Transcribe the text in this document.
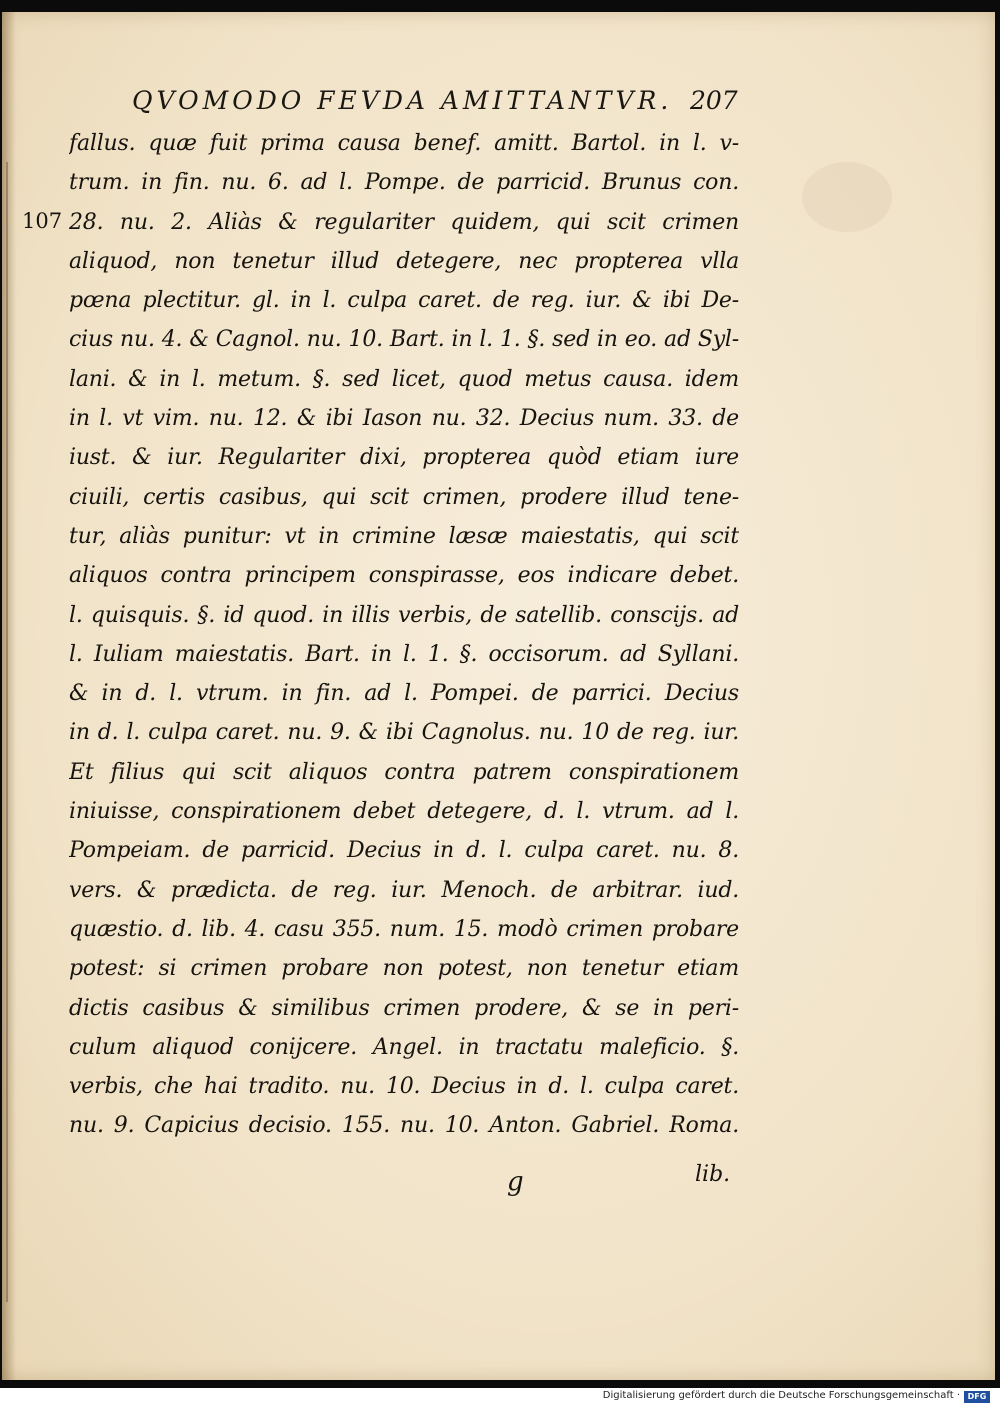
QVOMODO FEVDA AMITTANTVR. 207
107
fallus. quæ fuit prima causa benef. amitt. Bartol. in l. v-
trum. in fin. nu. 6. ad l. Pompe. de parricid. Brunus con.
28. nu. 2. Aliàs & regulariter quidem, qui scit crimen
aliquod, non tenetur illud detegere, nec propterea vlla
pœna plectitur. gl. in l. culpa caret. de reg. iur. & ibi De-
cius nu. 4. & Cagnol. nu. 10. Bart. in l. 1. §. sed in eo. ad Syl-
lani. & in l. metum. §. sed licet, quod metus causa. idem
in l. vt vim. nu. 12. & ibi Iason nu. 32. Decius num. 33. de
iust. & iur. Regulariter dixi, propterea quòd etiam iure
ciuili, certis casibus, qui scit crimen, prodere illud tene-
tur, aliàs punitur: vt in crimine læsæ maiestatis, qui scit
aliquos contra principem conspirasse, eos indicare debet.
l. quisquis. §. id quod. in illis verbis, de satellib. conscijs. ad
l. Iuliam maiestatis. Bart. in l. 1. §. occisorum. ad Syllani.
& in d. l. vtrum. in fin. ad l. Pompei. de parrici. Decius
in d. l. culpa caret. nu. 9. & ibi Cagnolus. nu. 10 de reg. iur.
Et filius qui scit aliquos contra patrem conspirationem
iniuisse, conspirationem debet detegere, d. l. vtrum. ad l.
Pompeiam. de parricid. Decius in d. l. culpa caret. nu. 8.
vers. & prædicta. de reg. iur. Menoch. de arbitrar. iud.
quæstio. d. lib. 4. casu 355. num. 15. modò crimen probare
potest: si crimen probare non potest, non tenetur etiam
dictis casibus & similibus crimen prodere, & se in peri-
culum aliquod conijcere. Angel. in tractatu maleficio. §.
verbis, che hai tradito. nu. 10. Decius in d. l. culpa caret.
nu. 9. Capicius decisio. 155. nu. 10. Anton. Gabriel. Roma.
g	lib.
Digitalisierung gefördert durch die Deutsche Forschungsgemeinschaft · DFG
